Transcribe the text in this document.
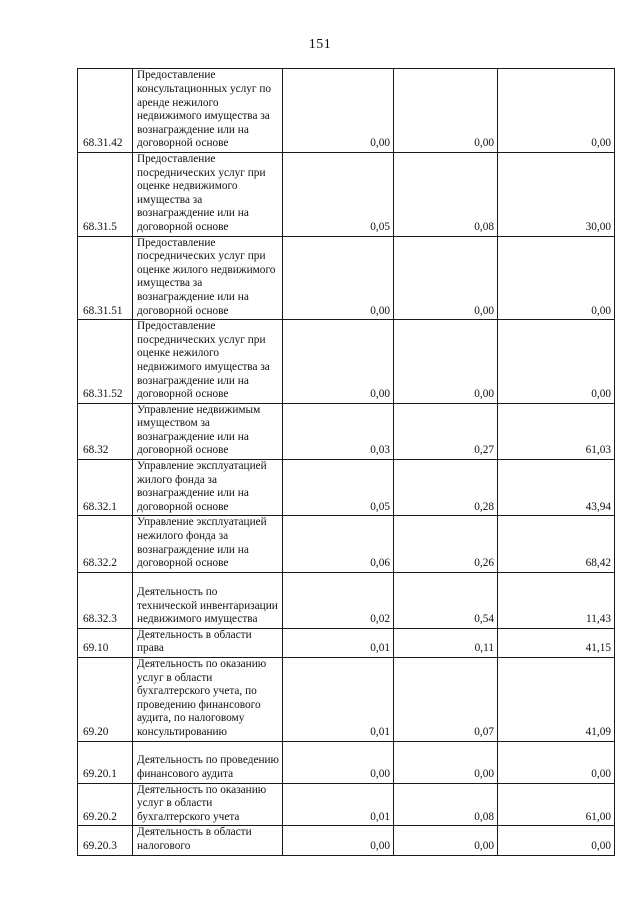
151
68.31.42	Предоставление консультационных услуг по аренде нежилого недвижимого имущества за вознаграждение или на договорной основе	0,00	0,00	0,00
68.31.5	Предоставление посреднических услуг при оценке недвижимого имущества за вознаграждение или на договорной основе	0,05	0,08	30,00
68.31.51	Предоставление посреднических услуг при оценке жилого недвижимого имущества за вознаграждение или на договорной основе	0,00	0,00	0,00
68.31.52	Предоставление посреднических услуг при оценке нежилого недвижимого имущества за вознаграждение или на договорной основе	0,00	0,00	0,00
68.32	Управление недвижимым имуществом за вознаграждение или на договорной основе	0,03	0,27	61,03
68.32.1	Управление эксплуатацией жилого фонда за вознаграждение или на договорной основе	0,05	0,28	43,94
68.32.2	Управление эксплуатацией нежилого фонда за вознаграждение или на договорной основе	0,06	0,26	68,42
68.32.3	Деятельность по технической инвентаризации недвижимого имущества	0,02	0,54	11,43
69.10	Деятельность в области права	0,01	0,11	41,15
69.20	Деятельность по оказанию услуг в области бухгалтерского учета, по проведению финансового аудита, по налоговому консультированию	0,01	0,07	41,09
69.20.1	Деятельность по проведению финансового аудита	0,00	0,00	0,00
69.20.2	Деятельность по оказанию услуг в области бухгалтерского учета	0,01	0,08	61,00
69.20.3	Деятельность в области налогового	0,00	0,00	0,00
